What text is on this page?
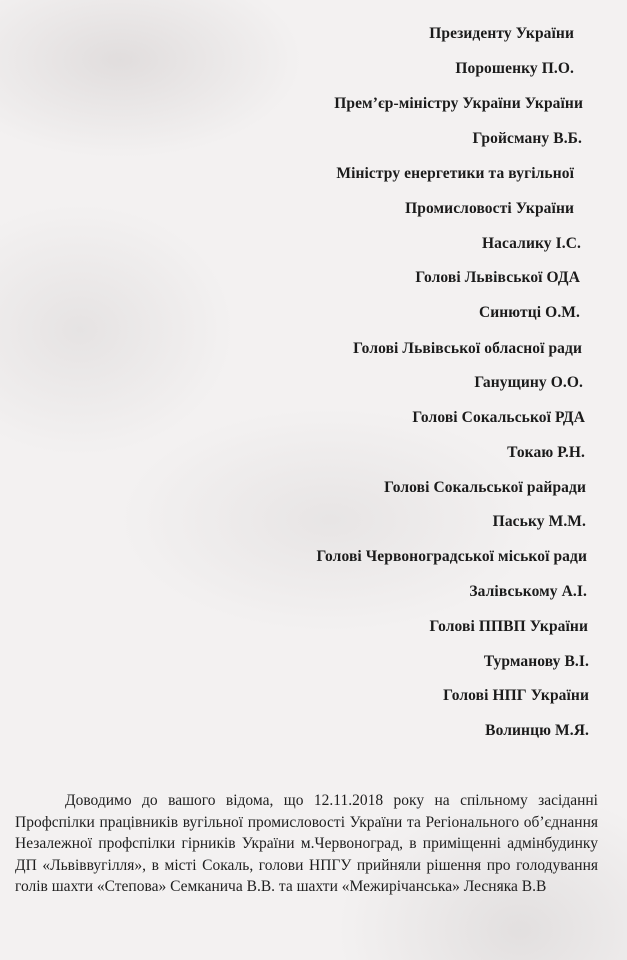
Президенту України
Порошенку П.О.
Прем’єр-міністру України України
Гройсману В.Б.
Міністру енергетики та вугільної
Промисловості України
Насалику І.С.
Голові Львівської ОДА
Синютці О.М.
Голові Львівської обласної ради
Ганущину О.О.
Голові Сокальської РДА
Токаю Р.Н.
Голові Сокальської райради
Паську М.М.
Голові Червоноградської міської ради
Залівському А.І.
Голові ППВП України
Турманову В.І.
Голові НПГ України
Волинцю М.Я.

Доводимо до вашого відома, що 12.11.2018 року на спільному засіданні Профспілки працівників вугільної промисловості України та Регіонального об’єднання Незалежної профспілки гірників України м.Червоноград, в приміщенні адмінбудинку ДП «Львіввугілля», в місті Сокаль, голови НПГУ прийняли рішення про голодування голів шахти «Степова» Семканича В.В. та шахти «Межирічанська» Лесняка В.В
